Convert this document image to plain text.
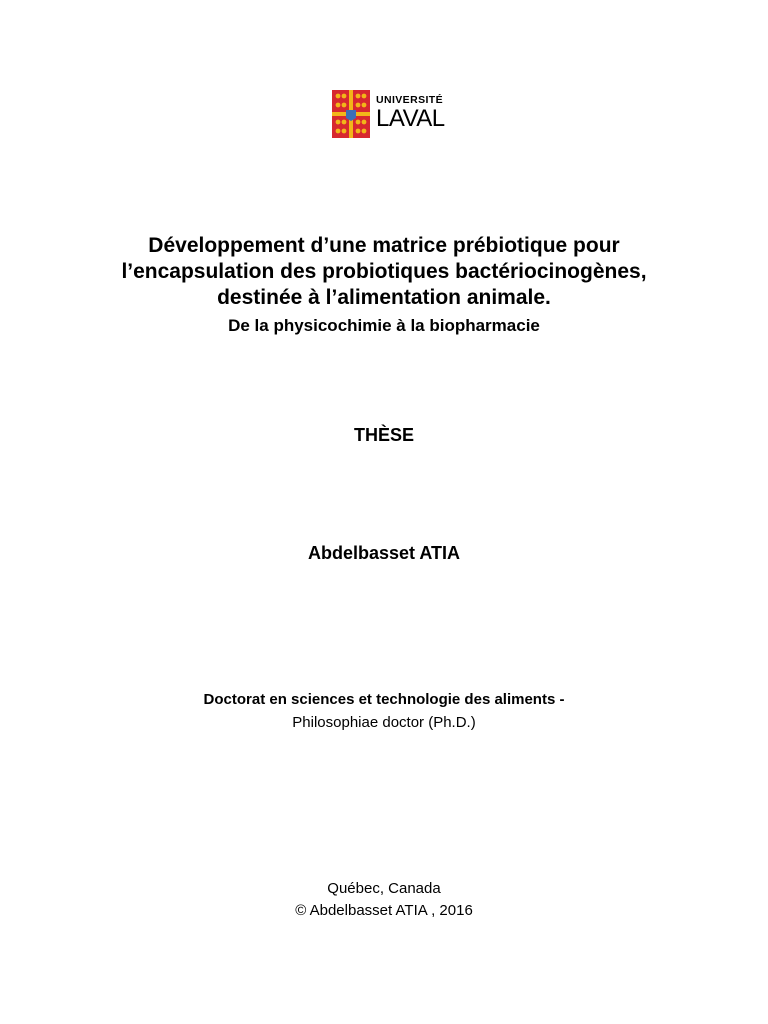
UNIVERSITÉ
LAVAL
Développement d’une matrice prébiotique pour
l’encapsulation des probiotiques bactériocinogènes,
destinée à l’alimentation animale.
De la physicochimie à la biopharmacie
THÈSE
Abdelbasset ATIA
Doctorat en sciences et technologie des aliments -
Philosophiae doctor (Ph.D.)
Québec, Canada
© Abdelbasset ATIA , 2016
